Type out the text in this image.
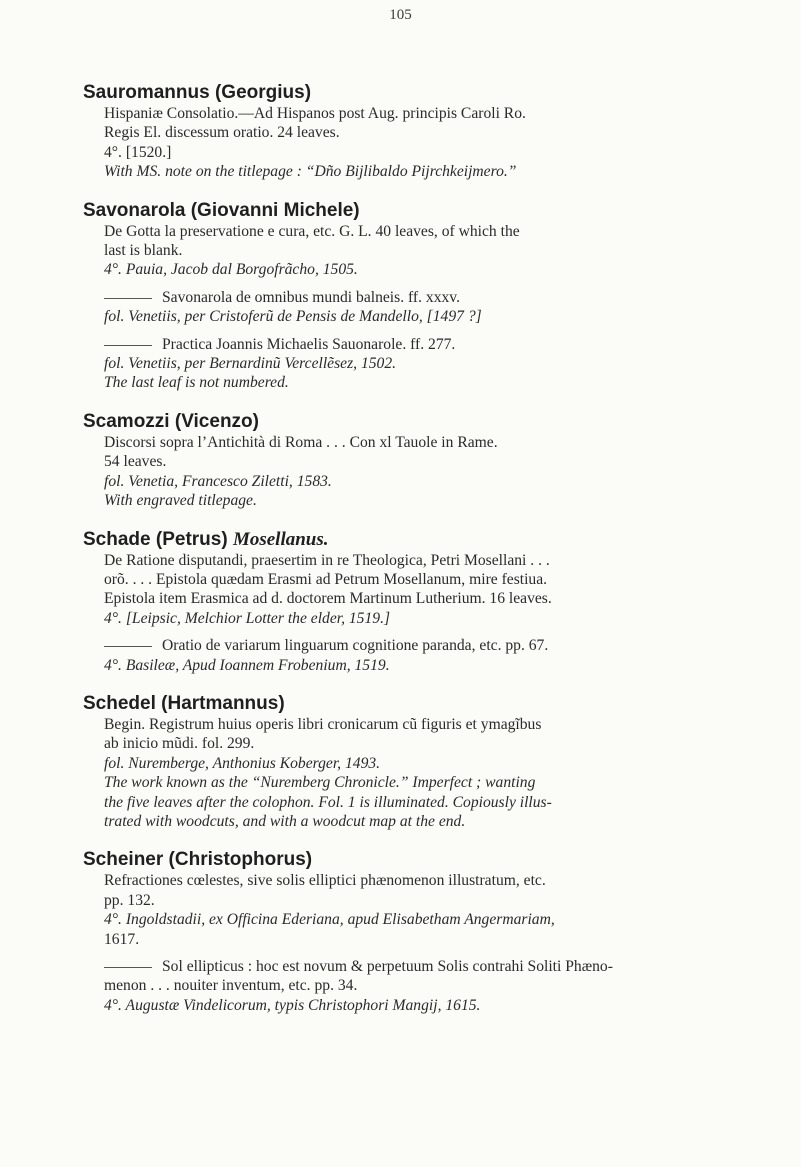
105
Sauromannus (Georgius)
Hispaniæ Consolatio.—Ad Hispanos post Aug. principis Caroli Ro.
Regis El. discessum oratio. 24 leaves.
4°. [1520.]
With MS. note on the titlepage : “Dño Bijlibaldo Pijrchkeijmero.”
Savonarola (Giovanni Michele)
De Gotta la preservatione e cura, etc. G. L. 40 leaves, of which the
last is blank.
4°. Pauia, Jacob dal Borgofrãcho, 1505.
Savonarola de omnibus mundi balneis. ff. xxxv.
fol. Venetiis, per Cristoferũ de Pensis de Mandello, [1497 ?]
Practica Joannis Michaelis Sauonarole. ff. 277.
fol. Venetiis, per Bernardinũ Vercellẽsez, 1502.
The last leaf is not numbered.
Scamozzi (Vicenzo)
Discorsi sopra l’Antichità di Roma . . . Con xl Tauole in Rame.
54 leaves.
fol. Venetia, Francesco Ziletti, 1583.
With engraved titlepage.
Schade (Petrus) Mosellanus.
De Ratione disputandi, praesertim in re Theologica, Petri Mosellani . . .
orõ. . . . Epistola quædam Erasmi ad Petrum Mosellanum, mire festiua.
Epistola item Erasmica ad d. doctorem Martinum Lutherium. 16 leaves.
4°. [Leipsic, Melchior Lotter the elder, 1519.]
Oratio de variarum linguarum cognitione paranda, etc. pp. 67.
4°. Basileæ, Apud Ioannem Frobenium, 1519.
Schedel (Hartmannus)
Begin. Registrum huius operis libri cronicarum cũ figuris et ymagĩbus
ab inicio mũdi. fol. 299.
fol. Nuremberge, Anthonius Koberger, 1493.
The work known as the “Nuremberg Chronicle.” Imperfect ; wanting
the five leaves after the colophon. Fol. 1 is illuminated. Copiously illus-
trated with woodcuts, and with a woodcut map at the end.
Scheiner (Christophorus)
Refractiones cœlestes, sive solis elliptici phænomenon illustratum, etc.
pp. 132.
4°. Ingoldstadii, ex Officina Ederiana, apud Elisabetham Angermariam,
1617.
Sol ellipticus : hoc est novum & perpetuum Solis contrahi Soliti Phæno-
menon . . . nouiter inventum, etc. pp. 34.
4°. Augustæ Vindelicorum, typis Christophori Mangij, 1615.
